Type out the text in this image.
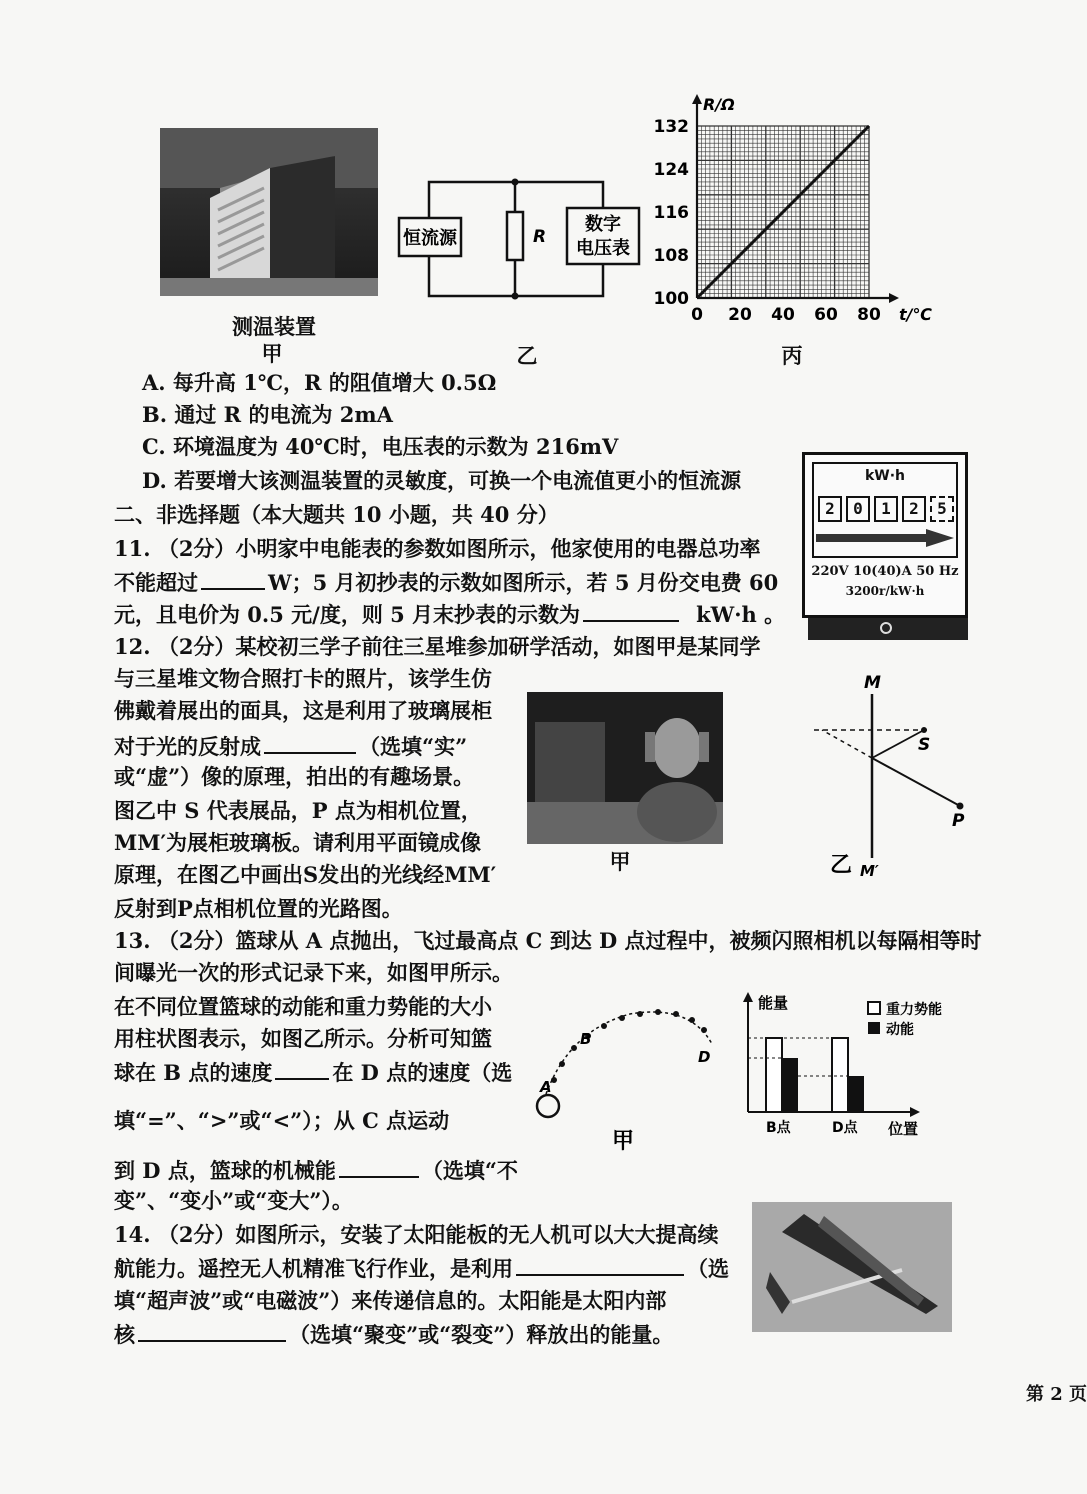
测温装置
甲
恒流源	R
数字
电压表
乙
0 20 40 60 80
100
108
116
124
132
R/Ω
t/℃
丙
A. 每升高 1℃，R 的阻值增大 0.5Ω
B. 通过 R 的电流为 2mA
C. 环境温度为 40℃时，电压表的示数为 216mV
D. 若要增大该测温装置的灵敏度，可换一个电流值更小的恒流源
二、非选择题（本大题共 10 小题，共 40 分）
11. （2分）小明家中电能表的参数如图所示，他家使用的电器总功率
不能超过	W；5 月初抄表的示数如图所示，若 5 月份交电费 60
元，且电价为 0.5 元/度，则 5 月末抄表的示数为	kW·h 。
kW·h
2	0	1	2	5
220V 10(40)A 50 Hz
3200r/kW·h
12. （2分）某校初三学子前往三星堆参加研学活动，如图甲是某同学
与三星堆文物合照打卡的照片，该学生仿
佛戴着展出的面具，这是利用了玻璃展柜
对于光的反射成	（选填“实”
或“虚”）像的原理，拍出的有趣场景。
图乙中 S 代表展品，P 点为相机位置，
MM′为展柜玻璃板。请利用平面镜成像
原理，在图乙中画出S发出的光线经MM′
反射到P点相机位置的光路图。
甲
M
S
P
乙 M′
13. （2分）篮球从 A 点抛出，飞过最高点 C 到达 D 点过程中，被频闪照相机以每隔相等时
间曝光一次的形式记录下来，如图甲所示。
在不同位置篮球的动能和重力势能的大小
用柱状图表示，如图乙所示。分析可知篮
球在 B 点的速度	在 D 点的速度（选
填“=”、“>”或“<”）；从 C 点运动
到 D 点，篮球的机械能	（选填“不
变”、“变小”或“变大”）。
A
B
D
甲
能量	重力势能
动能
B点	D点 位置
14. （2分）如图所示，安装了太阳能板的无人机可以大大提高续
航能力。遥控无人机精准飞行作业，是利用	（选
填“超声波”或“电磁波”）来传递信息的。太阳能是太阳内部
核	（选填“聚变”或“裂变”）释放出的能量。
第 2 页
